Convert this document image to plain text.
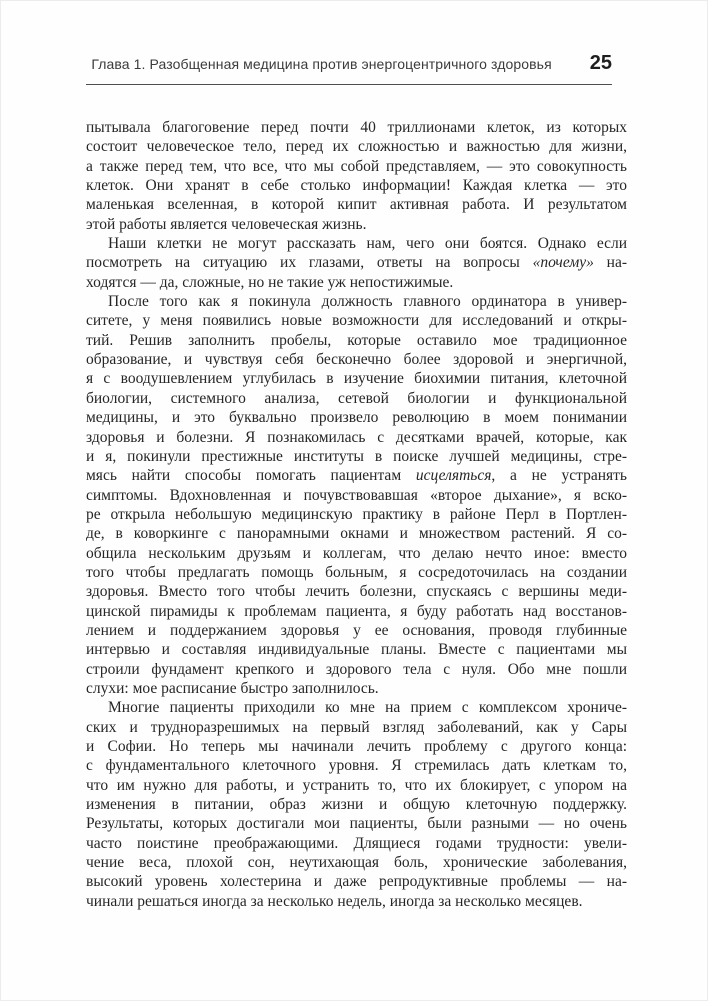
Глава 1. Разобщенная медицина против энергоцентричного здоровья 25
пытывала благоговение перед почти 40 триллионами клеток, из которых
состоит человеческое тело, перед их сложностью и важностью для жизни,
а также перед тем, что все, что мы собой представляем, — это совокупность
клеток. Они хранят в себе столько информации! Каждая клетка — это
маленькая вселенная, в которой кипит активная работа. И результатом
этой работы является человеческая жизнь.
Наши клетки не могут рассказать нам, чего они боятся. Однако если
посмотреть на ситуацию их глазами, ответы на вопросы «почему» на-
ходятся — да, сложные, но не такие уж непостижимые.
После того как я покинула должность главного ординатора в универ-
ситете, у меня появились новые возможности для исследований и откры-
тий. Решив заполнить пробелы, которые оставило мое традиционное
образование, и чувствуя себя бесконечно более здоровой и энергичной,
я с воодушевлением углубилась в изучение биохимии питания, клеточной
биологии, системного анализа, сетевой биологии и функциональной
медицины, и это буквально произвело революцию в моем понимании
здоровья и болезни. Я познакомилась с десятками врачей, которые, как
и я, покинули престижные институты в поиске лучшей медицины, стре-
мясь найти способы помогать пациентам исцеляться, а не устранять
симптомы. Вдохновленная и почувствовавшая «второе дыхание», я вско-
ре открыла небольшую медицинскую практику в районе Перл в Портлен-
де, в коворкинге с панорамными окнами и множеством растений. Я со-
общила нескольким друзьям и коллегам, что делаю нечто иное: вместо
того чтобы предлагать помощь больным, я сосредоточилась на создании
здоровья. Вместо того чтобы лечить болезни, спускаясь с вершины меди-
цинской пирамиды к проблемам пациента, я буду работать над восстанов-
лением и поддержанием здоровья у ее основания, проводя глубинные
интервью и составляя индивидуальные планы. Вместе с пациентами мы
строили фундамент крепкого и здорового тела с нуля. Обо мне пошли
слухи: мое расписание быстро заполнилось.
Многие пациенты приходили ко мне на прием с комплексом хрониче-
ских и трудноразрешимых на первый взгляд заболеваний, как у Сары
и Софии. Но теперь мы начинали лечить проблему с другого конца:
с фундаментального клеточного уровня. Я стремилась дать клеткам то,
что им нужно для работы, и устранить то, что их блокирует, с упором на
изменения в питании, образ жизни и общую клеточную поддержку.
Результаты, которых достигали мои пациенты, были разными — но очень
часто поистине преображающими. Длящиеся годами трудности: увели-
чение веса, плохой сон, неутихающая боль, хронические заболевания,
высокий уровень холестерина и даже репродуктивные проблемы — на-
чинали решаться иногда за несколько недель, иногда за несколько месяцев.
